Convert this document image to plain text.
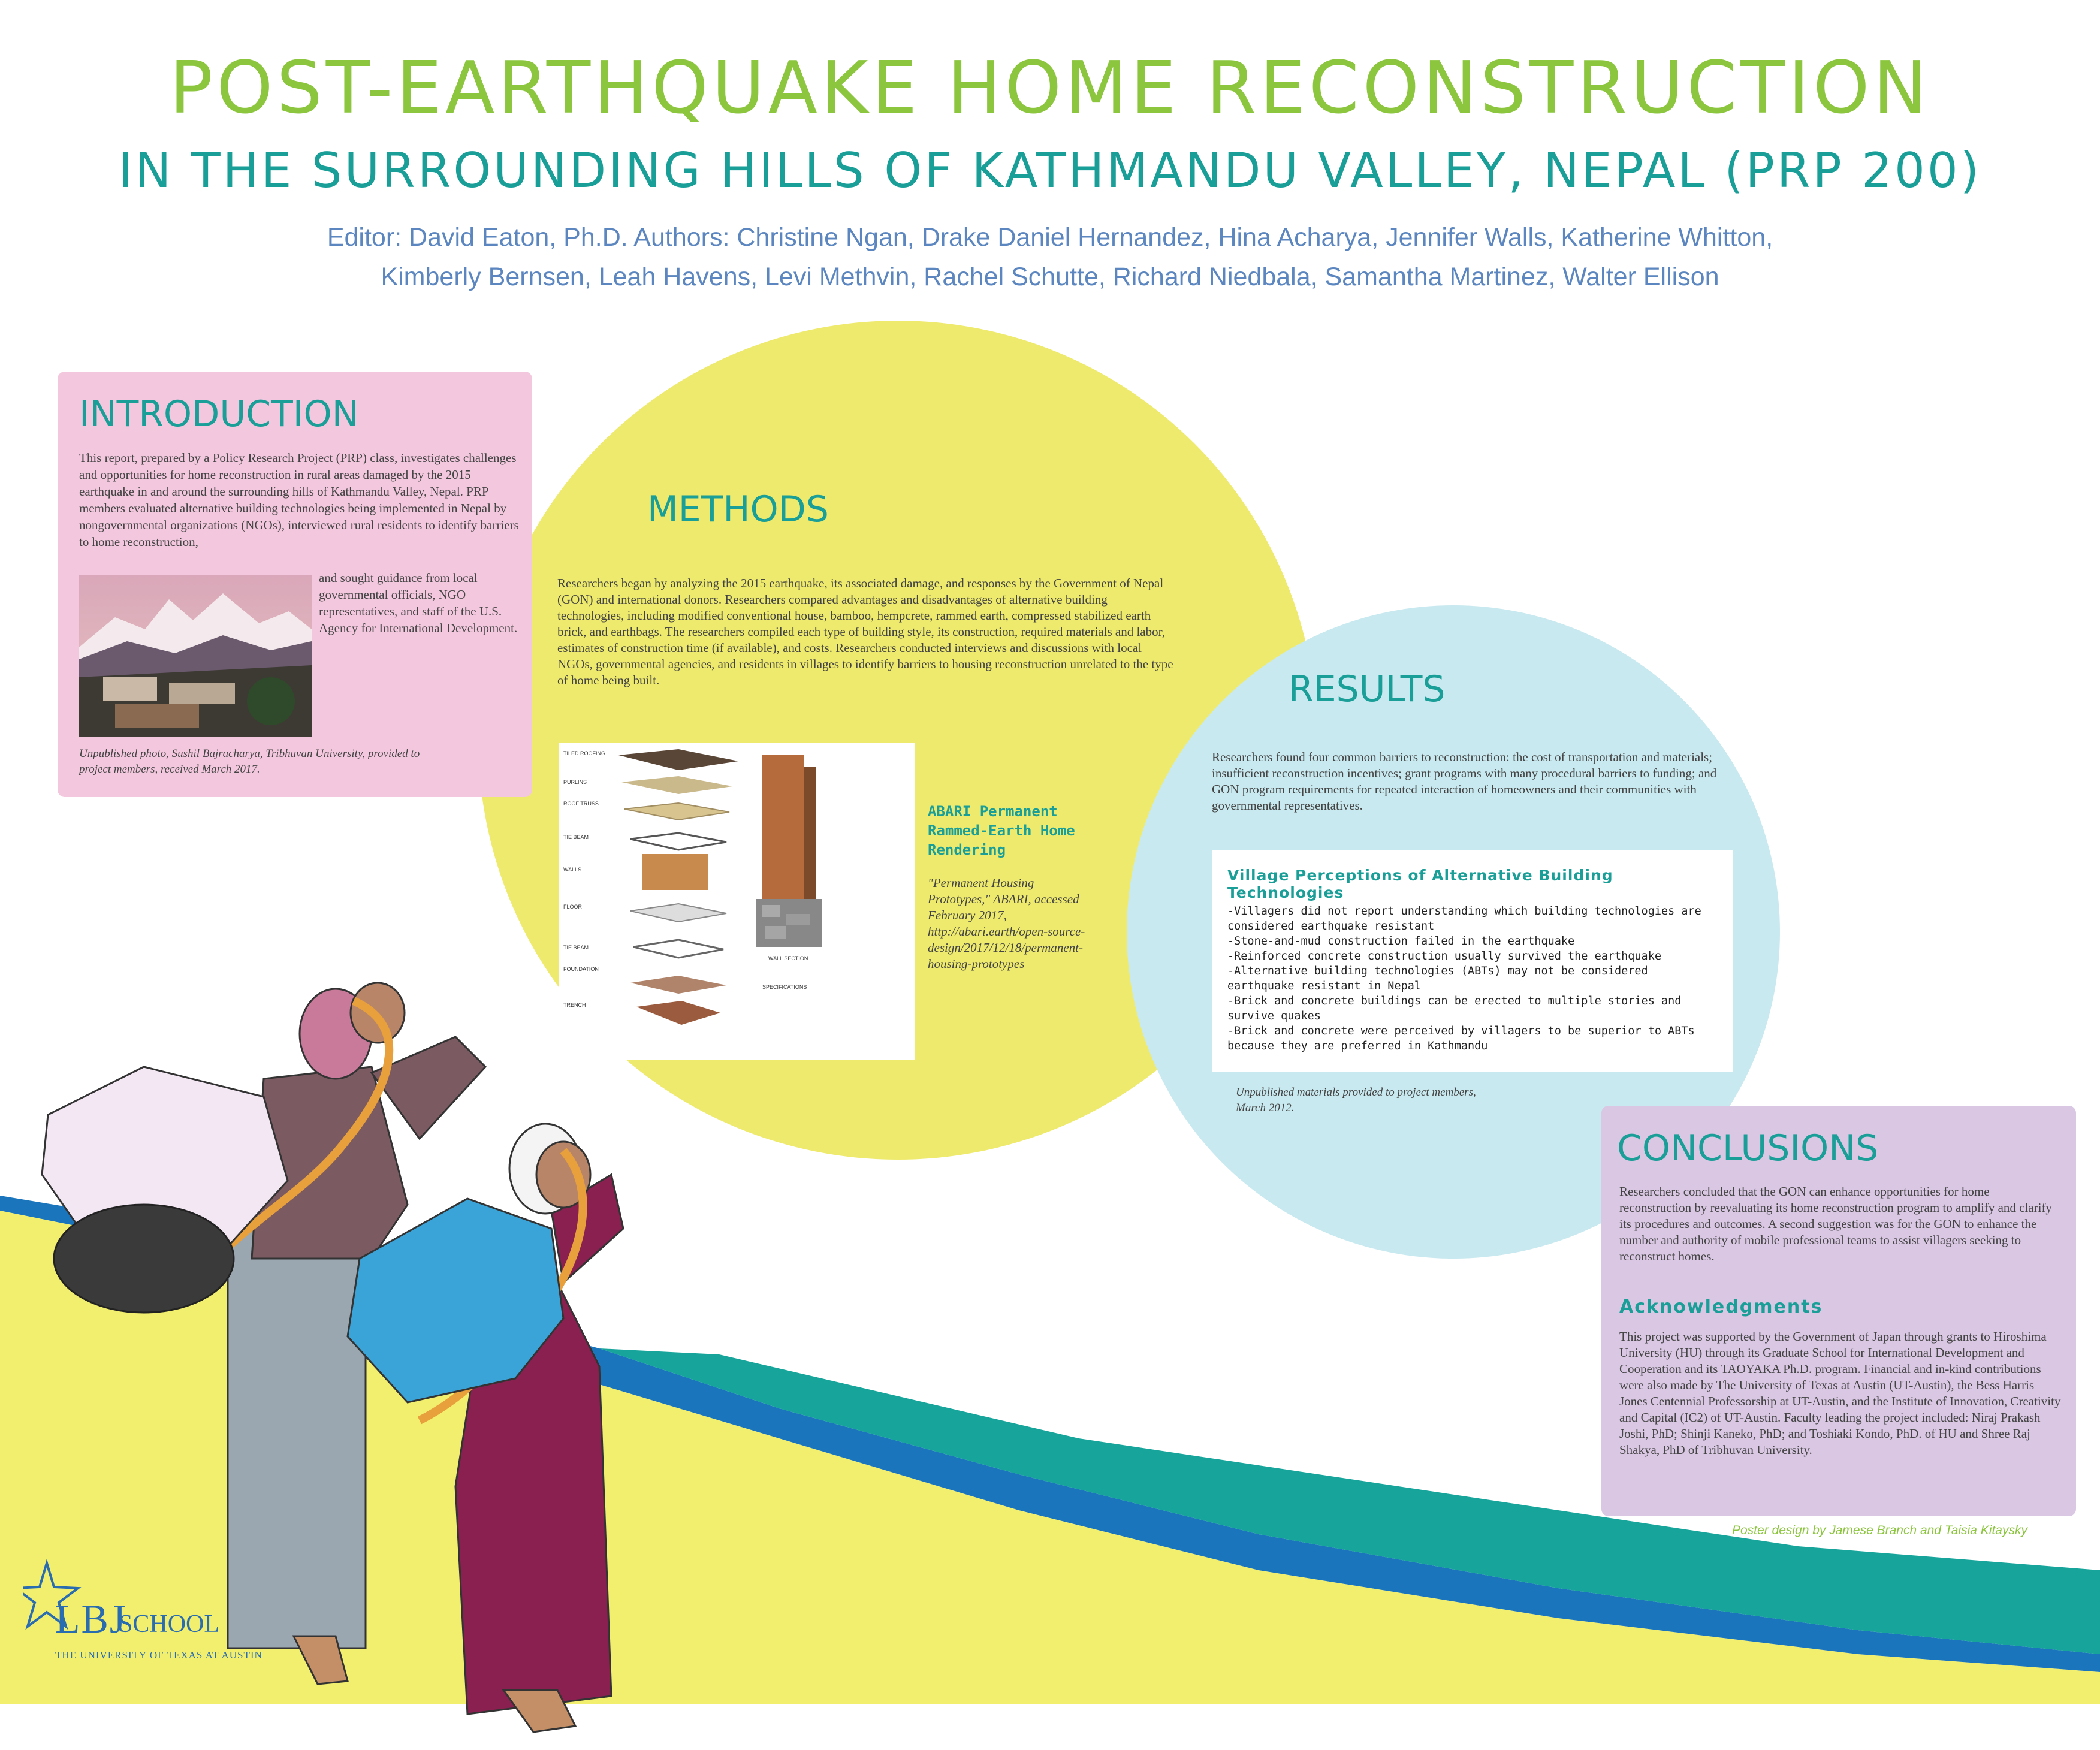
POST-EARTHQUAKE HOME RECONSTRUCTION
IN THE SURROUNDING HILLS OF KATHMANDU VALLEY, NEPAL (PRP 200)
Editor: David Eaton, Ph.D. Authors: Christine Ngan, Drake Daniel Hernandez, Hina Acharya, Jennifer Walls, Katherine Whitton,
Kimberly Bernsen, Leah Havens, Levi Methvin, Rachel Schutte, Richard Niedbala, Samantha Martinez, Walter Ellison
INTRODUCTION
This report, prepared by a Policy Research Project (PRP) class, investigates challenges and opportunities for home reconstruction in rural areas damaged by the 2015 earthquake in and around the surrounding hills of Kathmandu Valley, Nepal. PRP members evaluated alternative building technologies being implemented in Nepal by nongovernmental organizations (NGOs), interviewed rural residents to identify barriers to home reconstruction,
and sought guidance from local governmental officials, NGO representatives, and staff of the U.S. Agency for International Development.
Unpublished photo, Sushil Bajracharya, Tribhuvan University, provided to project members, received March 2017.
METHODS
Researchers began by analyzing the 2015 earthquake, its associated damage, and responses by the Government of Nepal (GON) and international donors. Researchers compared advantages and disadvantages of alternative building technologies, including modified conventional house, bamboo, hempcrete, rammed earth, compressed stabilized earth brick, and earthbags. The researchers compiled each type of building style, its construction, required materials and labor, estimates of construction time (if available), and costs. Researchers conducted interviews and discussions with local NGOs, governmental agencies, and residents in villages to identify barriers to housing reconstruction unrelated to the type of home being built.
TILED ROOFING
PURLINS
ROOF TRUSS
TIE BEAM
WALLS
FLOOR
TIE BEAM
FOUNDATION
TRENCH
WALL SECTION
SPECIFICATIONS
ABARI Permanent Rammed-Earth Home Rendering
"Permanent Housing Prototypes," ABARI, accessed February 2017, http://abari.earth/open-source-design/2017/12/18/permanent-housing-prototypes
RESULTS
Researchers found four common barriers to reconstruction: the cost of transportation and materials; insufficient reconstruction incentives; grant programs with many procedural barriers to funding; and GON program requirements for repeated interaction of homeowners and their communities with governmental representatives.
Village Perceptions of Alternative Building Technologies
-Villagers did not report understanding which building technologies are considered earthquake resistant
-Stone-and-mud construction failed in the earthquake
-Reinforced concrete construction usually survived the earthquake
-Alternative building technologies (ABTs) may not be considered earthquake resistant in Nepal
-Brick and concrete buildings can be erected to multiple stories and survive quakes
-Brick and concrete were perceived by villagers to be superior to ABTs because they are preferred in Kathmandu
Unpublished materials provided to project members, March 2012.
CONCLUSIONS
Researchers concluded that the GON can enhance opportunities for home reconstruction by reevaluating its home reconstruction program to amplify and clarify its procedures and outcomes. A second suggestion was for the GON to enhance the number and authority of mobile professional teams to assist villagers seeking to reconstruct homes.
Acknowledgments
This project was supported by the Government of Japan through grants to Hiroshima University (HU) through its Graduate School for International Development and Cooperation and its TAOYAKA Ph.D. program. Financial and in-kind contributions were also made by The University of Texas at Austin (UT-Austin), the Bess Harris Jones Centennial Professorship at UT-Austin, and the Institute of Innovation, Creativity and Capital (IC2) of UT-Austin. Faculty leading the project included: Niraj Prakash Joshi, PhD; Shinji Kaneko, PhD; and Toshiaki Kondo, PhD. of HU and Shree Raj Shakya, PhD of Tribhuvan University.
Poster design by Jamese Branch and Taisia Kitaysky
LBJ
SCHOOL
THE UNIVERSITY OF TEXAS AT AUSTIN
